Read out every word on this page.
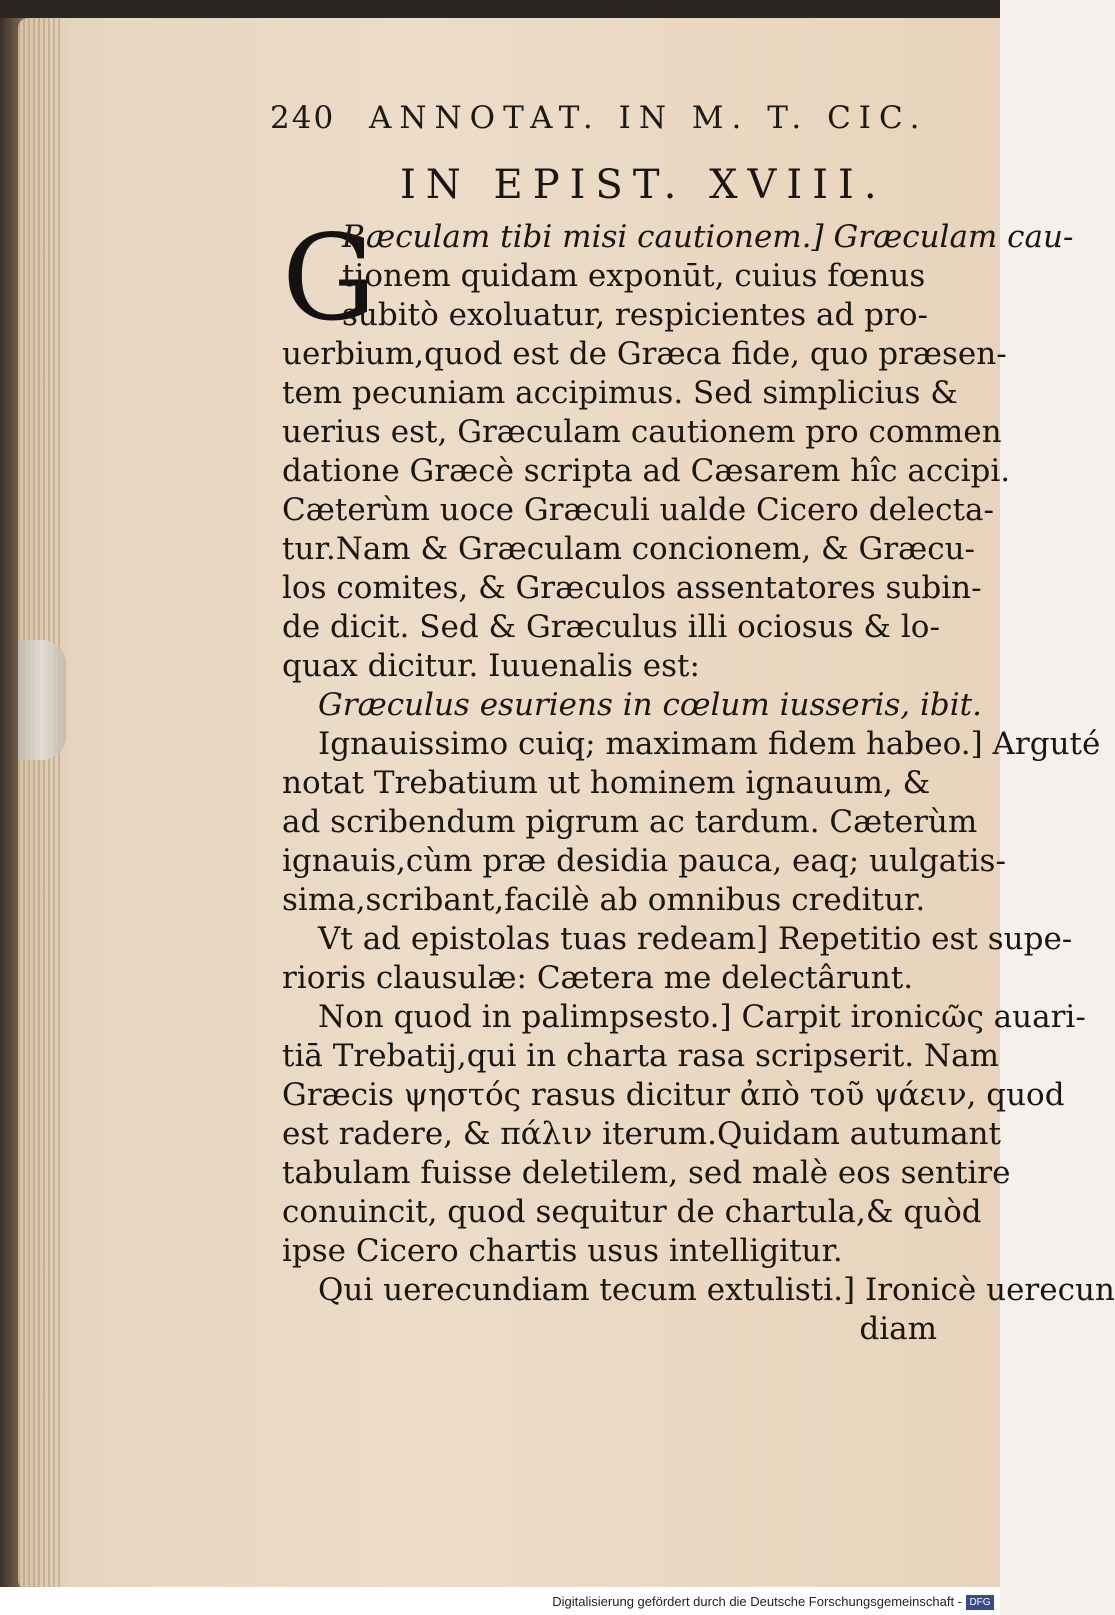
240 ANNOTAT. IN M. T. CIC.
IN EPIST. XVIII.
G
Ræculam tibi misi cautionem.] Græculam cau-
tionem quidam exponūt, cuius fœnus
subitò exoluatur, respicientes ad pro-
uerbium,quod est de Græca fide, quo præsen-
tem pecuniam accipimus. Sed simplicius &
uerius est, Græculam cautionem pro commen
datione Græcè scripta ad Cæsarem hîc accipi.
Cæterùm uoce Græculi ualde Cicero delecta-
tur.Nam & Græculam concionem, & Græcu-
los comites, & Græculos assentatores subin-
de dicit. Sed & Græculus illi ociosus & lo-
quax dicitur. Iuuenalis est:
Græculus esuriens in cœlum iusseris, ibit.
Ignauissimo cuiq; maximam fidem habeo.] Arguté
notat Trebatium ut hominem ignauum, &
ad scribendum pigrum ac tardum. Cæterùm
ignauis,cùm præ desidia pauca, eaq; uulgatis-
sima,scribant,facilè ab omnibus creditur.
Vt ad epistolas tuas redeam] Repetitio est supe-
rioris clausulæ: Cætera me delectârunt.
Non quod in palimpsesto.] Carpit ironicῶς auari-
tiā Trebatij,qui in charta rasa scripserit. Nam
Græcis ψηστός rasus dicitur ἀπὸ τοῦ ψάειν, quod
est radere, & πάλιν iterum.Quidam autumant
tabulam fuisse deletilem, sed malè eos sentire
conuincit, quod sequitur de chartula,& quòd
ipse Cicero chartis usus intelligitur.
Qui uerecundiam tecum extulisti.] Ironicè uerecun
diam
Digitalisierung gefördert durch die Deutsche Forschungsgemeinschaft - DFG
